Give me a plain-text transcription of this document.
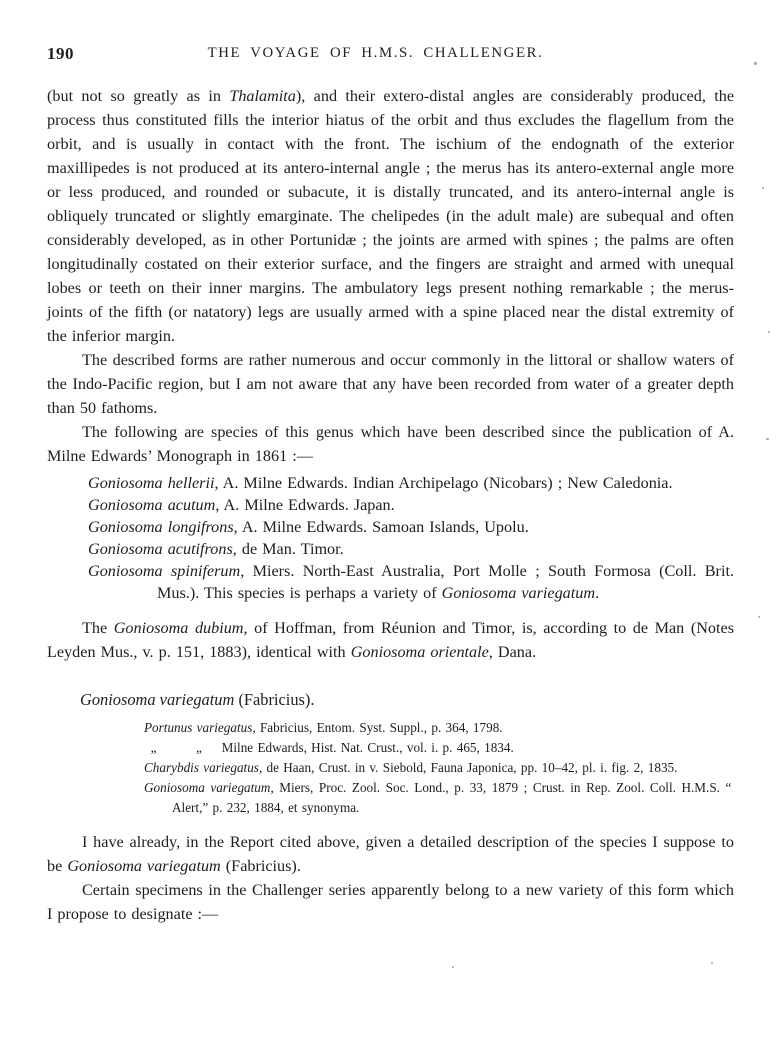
190	THE VOYAGE OF H.M.S. CHALLENGER.

(but not so greatly as in Thalamita), and their extero-distal angles are considerably produced, the process thus constituted fills the interior hiatus of the orbit and thus excludes the flagellum from the orbit, and is usually in contact with the front. The ischium of the endognath of the exterior maxillipedes is not produced at its antero-internal angle ; the merus has its antero-external angle more or less produced, and rounded or subacute, it is distally truncated, and its antero-internal angle is obliquely truncated or slightly emarginate. The chelipedes (in the adult male) are subequal and often considerably developed, as in other Portunidæ ; the joints are armed with spines ; the palms are often longitudinally costated on their exterior surface, and the fingers are straight and armed with unequal lobes or teeth on their inner margins. The ambulatory legs present nothing remarkable ; the merus-joints of the fifth (or natatory) legs are usually armed with a spine placed near the distal extremity of the inferior margin.

The described forms are rather numerous and occur commonly in the littoral or shallow waters of the Indo-Pacific region, but I am not aware that any have been recorded from water of a greater depth than 50 fathoms.

The following are species of this genus which have been described since the publication of A. Milne Edwards’ Monograph in 1861 :—

Goniosoma hellerii, A. Milne Edwards. Indian Archipelago (Nicobars) ; New Caledonia.

Goniosoma acutum, A. Milne Edwards. Japan.

Goniosoma longifrons, A. Milne Edwards. Samoan Islands, Upolu.

Goniosoma acutifrons, de Man. Timor.

Goniosoma spiniferum, Miers. North-East Australia, Port Molle ; South Formosa (Coll. Brit. Mus.). This species is perhaps a variety of Goniosoma variegatum.

The Goniosoma dubium, of Hoffman, from Réunion and Timor, is, according to de Man (Notes Leyden Mus., v. p. 151, 1883), identical with Goniosoma orientale, Dana.

Goniosoma variegatum (Fabricius).

Portunus variegatus, Fabricius, Entom. Syst. Suppl., p. 364, 1798.

 „   „  Milne Edwards, Hist. Nat. Crust., vol. i. p. 465, 1834.

Charybdis variegatus, de Haan, Crust. in v. Siebold, Fauna Japonica, pp. 10–42, pl. i. fig. 2, 1835.

Goniosoma variegatum, Miers, Proc. Zool. Soc. Lond., p. 33, 1879 ; Crust. in Rep. Zool. Coll. H.M.S. “ Alert,” p. 232, 1884, et synonyma.

I have already, in the Report cited above, given a detailed description of the species I suppose to be Goniosoma variegatum (Fabricius).

Certain specimens in the Challenger series apparently belong to a new variety of this form which I propose to designate :—
